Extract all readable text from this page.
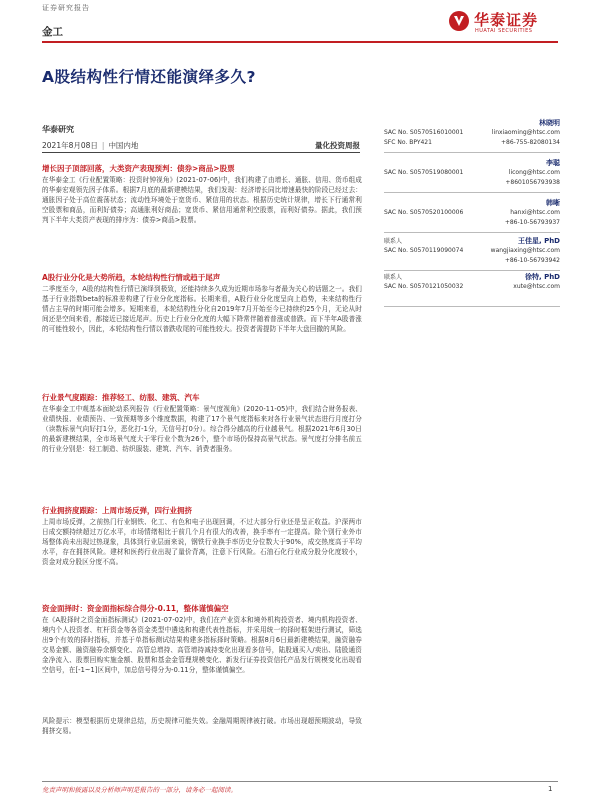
证券研究报告
金工
华泰证券
HUATAI SECURITIES
A股结构性行情还能演绎多久?
华泰研究
2021年8月08日 | 中国内地	量化投资周报

增长因子顶部回落，大类资产表现预判：债券>商品>股票

在华泰金工《行业配置策略：投资时钟视角》(2021-07-06)中，我们构建了由增长、通胀、信用、货币组成的华泰宏观领先因子体系。根据7月底的最新建模结果，我们发现：经济增长同比增速最快的阶段已经过去：通胀因子处于高位震荡状态；流动性环境处于宽货币、紧信用的状态。根据历史统计规律，增长下行通常利空股票和商品，而利好债券；高通胀利好商品；宽货币、紧信用通常利空股票，而利好债券。据此，我们预判下半年大类资产表现的排序为：债券>商品>股票。

A股行业分化是大势所趋，本轮结构性行情或趋于尾声

二季度至今，A股的结构性行情已演绎到极致，还能持续多久成为近期市场参与者最为关心的话题之一。我们基于行业指数beta的标准差构建了行业分化度指标。长期来看，A股行业分化度呈向上趋势，未来结构性行情占主导的时期可能会增多。短期来看，本轮结构性分化自2019年7月开始至今已持续约25个月，无论从时间还是空间来看，都接近已接近尾声。历史上行业分化度的大幅下降常伴随着普涨或普跌。而下半年A股普涨的可能性较小，因此，本轮结构性行情以普跌收尾的可能性较大。投资者需提防下半年大盘回撤的风险。

行业景气度跟踪：推荐轻工、纺服、建筑、汽车

在华泰金工中观基本面轮动系列报告《行业配置策略：景气度视角》(2020-11-05)中，我们结合财务报表、业绩快报、业绩预告、一致预期等多个维度数据，构建了17个景气度指标来对各行业景气状态进行月度打分（读数标景气向好打1分，恶化打-1分，无信号打0分）。综合得分越高的行业越景气。根据2021年6月30日的最新建模结果，全市场景气度大于零行业个数为26个，整个市场仍保持高景气状态。景气度打分排名前五的行业分别是：轻工制造、纺织服装、建筑、汽车、消费者服务。

行业拥挤度跟踪：上周市场反弹，四行业拥挤

上周市场反弹，之前热门行业钢铁、化工、有色和电子出现回调，不过大部分行业还是呈正收益。沪深两市日成交额持续超过万亿水平，市场情绪相比于前几个月有很大的改善，换手率有一定提高。除个别行业外市场整体尚未出现过热现象，具体到行业层面来说，钢铁行业换手率历史分位数大于90%，成交热度高于平均水平，存在拥挤风险。建材和医药行业出现了量价背离，注意下行风险。石油石化行业成分股分化度较小，资金对成分股区分度不高。

资金面择时：资金面指标综合得分-0.11，整体谨慎偏空

在《A股择时之资金面指标测试》(2021-07-02)中，我们在产业资本和境外机构投资者、境内机构投资者、境内个人投资者、杠杆资金等各资金类型中遴选和构建代表性指标，并采用统一的择时框架进行测试，筛选出9个有效的择时指标，并基于单指标测试结果构建多指标择时策略。根据8月6日最新建模结果，融资融券交易金额、融资融券余额变化、高管总增持、高管增持减持变化出现看多信号，陆股通买入/卖出、陆股通资金净流入、股票回购实施金额、股票和基金金管理规模变化、新发行证券投资信托产品发行规模变化出现看空信号，在[-1~1]区间中，加总信号得分为-0.11分，整体谨慎偏空。

风险提示：模型根据历史规律总结，历史规律可能失效。金融周期规律被打破。市场出现超预期波动，导致拥挤交易。

林晓明
SAC No. S0570516010001	linxiaoming@htsc.com
SFC No. BPY421	+86-755-82080134
李聪
SAC No. S0570519080001	licong@htsc.com
+8601056793938
韩晰
SAC No. S0570520100006	hanxi@htsc.com
+86-10-56793937
联系人	王佳星, PhD
SAC No. S0570119090074	wangjiaxing@htsc.com
+86-10-56793942
联系人	徐特, PhD
SAC No. S0570121050032	xute@htsc.com
免责声明和披露以及分析师声明是报告的一部分，请务必一起阅读。	1
